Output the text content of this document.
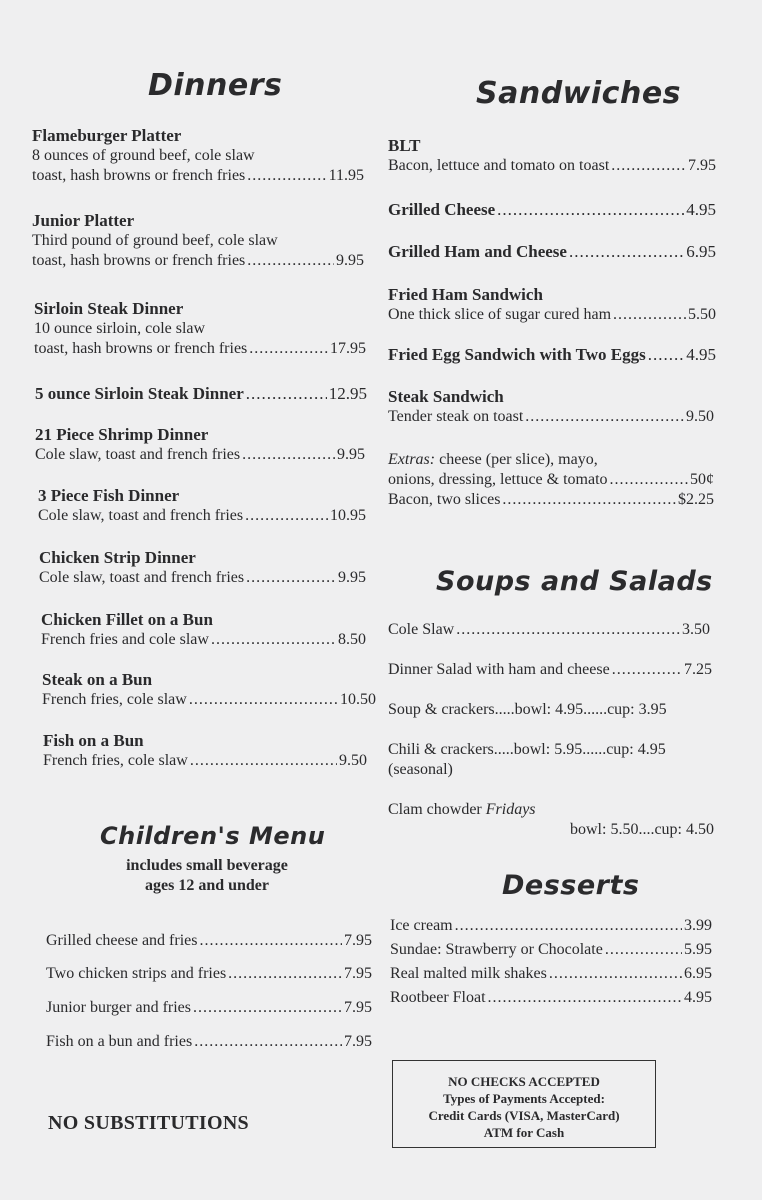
Dinners
Flameburger Platter
8 ounces of ground beef, cole slaw
toast, hash browns or french fries .....	11.95
Junior Platter
Third pound of ground beef, cole slaw
toast, hash browns or french fries .....	9.95
Sirloin Steak Dinner
10 ounce sirloin, cole slaw
toast, hash browns or french fries .....	17.95
5 ounce Sirloin Steak Dinner .....	12.95
21 Piece Shrimp Dinner
Cole slaw, toast and french fries .....	9.95
3 Piece Fish Dinner
Cole slaw, toast and french fries .....	10.95
Chicken Strip Dinner
Cole slaw, toast and french fries .....	9.95
Chicken Fillet on a Bun
French fries and cole slaw .....	8.50
Steak on a Bun
French fries, cole slaw .....	10.50
Fish on a Bun
French fries, cole slaw .....	9.50
Children's Menu
includes small beverage
ages 12 and under
Grilled cheese and fries .....	7.95
Two chicken strips and fries .....	7.95
Junior burger and fries .....	7.95
Fish on a bun and fries .....	7.95
NO SUBSTITUTIONS
Sandwiches
BLT
Bacon, lettuce and tomato on toast .....	7.95
Grilled Cheese .....	4.95
Grilled Ham and Cheese .....	6.95
Fried Ham Sandwich
One thick slice of sugar cured ham .....	5.50
Fried Egg Sandwich with Two Eggs ..... 4.95
Steak Sandwich
Tender steak on toast .....	9.50
Extras: cheese (per slice), mayo,
onions, dressing, lettuce & tomato .....	50¢
Bacon, two slices .....	$2.25
Soups and Salads
Cole Slaw .....	3.50
Dinner Salad with ham and cheese .....	7.25
Soup & crackers.....bowl: 4.95......cup: 3.95
Chili & crackers.....bowl: 5.95......cup: 4.95
(seasonal)
Clam chowder Fridays
bowl: 5.50....cup: 4.50
Desserts
Ice cream .....	3.99
Sundae: Strawberry or Chocolate .....	5.95
Real malted milk shakes .....	6.95
Rootbeer Float .....	4.95
NO CHECKS ACCEPTED
Types of Payments Accepted:
Credit Cards (VISA, MasterCard)
ATM for Cash
